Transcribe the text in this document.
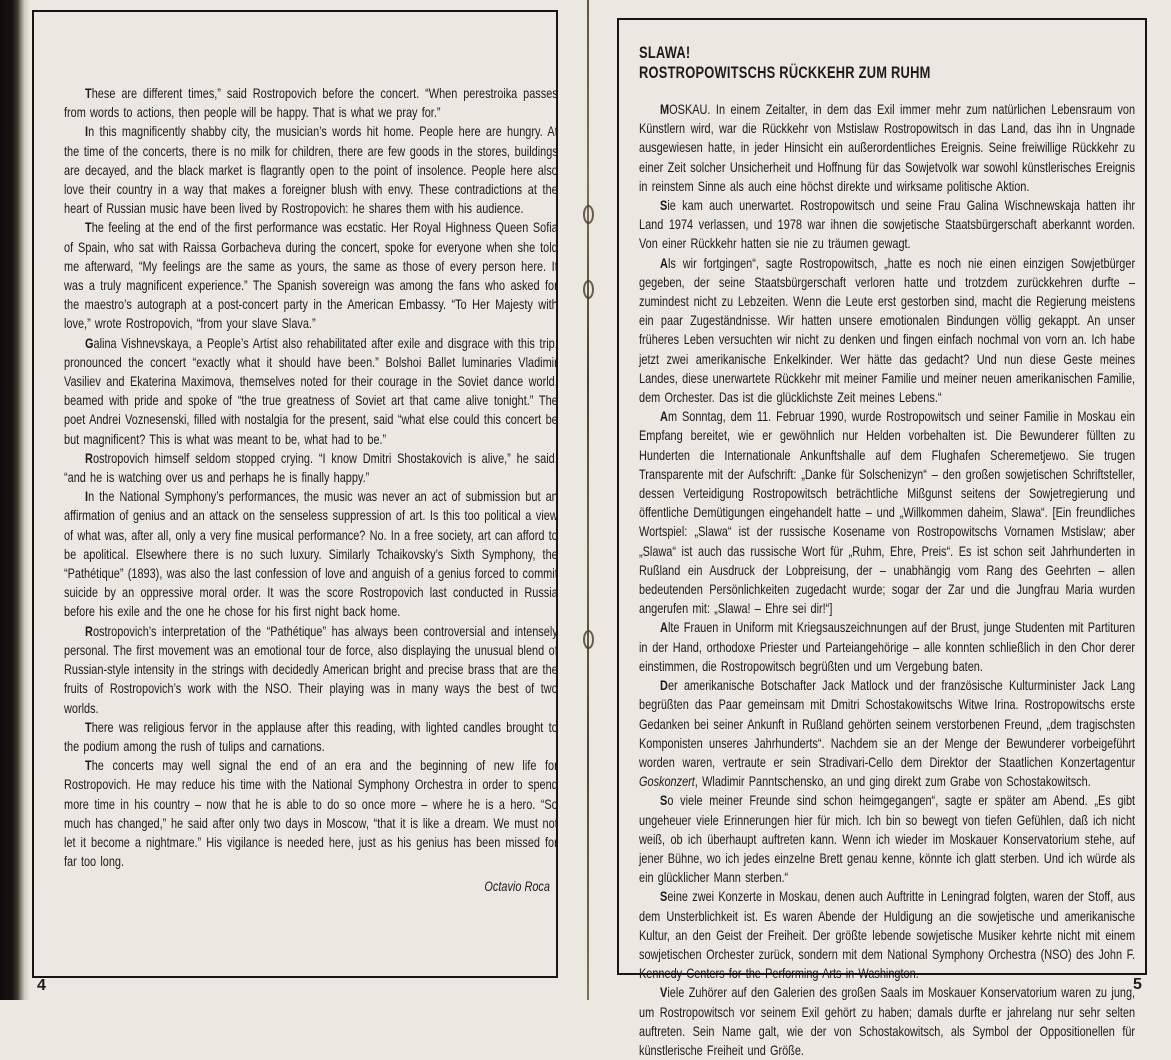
These are different times,” said Rostropovich before the concert. “When perestroika passes from words to actions, then people will be happy. That is what we pray for.”

In this magnificently shabby city, the musician’s words hit home. People here are hungry. At the time of the concerts, there is no milk for children, there are few goods in the stores, buildings are decayed, and the black market is flagrantly open to the point of insolence. People here also love their country in a way that makes a foreigner blush with envy. These contradictions at the heart of Russian music have been lived by Rostropovich: he shares them with his audience.

The feeling at the end of the first performance was ecstatic. Her Royal Highness Queen Sofia of Spain, who sat with Raissa Gorbacheva during the concert, spoke for everyone when she told me afterward, “My feelings are the same as yours, the same as those of every person here. It was a truly magnificent experience.” The Spanish sovereign was among the fans who asked for the maestro’s autograph at a post-concert party in the American Embassy. “To Her Majesty with love,” wrote Rostropovich, “from your slave Slava.”

Galina Vishnevskaya, a People’s Artist also rehabilitated after exile and disgrace with this trip, pronounced the concert “exactly what it should have been.” Bolshoi Ballet luminaries Vladimir Vasiliev and Ekaterina Maximova, themselves noted for their courage in the Soviet dance world, beamed with pride and spoke of “the true greatness of Soviet art that came alive tonight.” The poet Andrei Voznesenski, filled with nostalgia for the present, said “what else could this concert be but magnificent? This is what was meant to be, what had to be.”

Rostropovich himself seldom stopped crying. “I know Dmitri Shostakovich is alive,” he said, “and he is watching over us and perhaps he is finally happy.”

In the National Symphony’s performances, the music was never an act of submission but an affirmation of genius and an attack on the senseless suppression of art. Is this too political a view of what was, after all, only a very fine musical performance? No. In a free society, art can afford to be apolitical. Elsewhere there is no such luxury. Similarly Tchaikovsky’s Sixth Symphony, the “Pathétique” (1893), was also the last confession of love and anguish of a genius forced to commit suicide by an oppressive moral order. It was the score Rostropovich last conducted in Russia before his exile and the one he chose for his first night back home.

Rostropovich’s interpretation of the “Pathétique” has always been controversial and intensely personal. The first movement was an emotional tour de force, also displaying the unusual blend of Russian-style intensity in the strings with decidedly American bright and precise brass that are the fruits of Rostropovich’s work with the NSO. Their playing was in many ways the best of two worlds.

There was religious fervor in the applause after this reading, with lighted candles brought to the podium among the rush of tulips and carnations.

The concerts may well signal the end of an era and the beginning of new life for Rostropovich. He may reduce his time with the National Symphony Orchestra in order to spend more time in his country – now that he is able to do so once more – where he is a hero. “So much has changed,” he said after only two days in Moscow, “that it is like a dream. We must not let it become a nightmare.” His vigilance is needed here, just as his genius has been missed for far too long.

Octavio Roca
4
SLAWA!
ROSTROPOWITSCHS RÜCKKEHR ZUM RUHM

MOSKAU. In einem Zeitalter, in dem das Exil immer mehr zum natürlichen Lebensraum von Künstlern wird, war die Rückkehr von Mstislaw Rostropowitsch in das Land, das ihn in Ungnade ausgewiesen hatte, in jeder Hinsicht ein außerordentliches Ereignis. Seine freiwillige Rückkehr zu einer Zeit solcher Unsicherheit und Hoffnung für das Sowjetvolk war sowohl künstlerisches Ereignis in reinstem Sinne als auch eine höchst direkte und wirksame politische Aktion.

Sie kam auch unerwartet. Rostropowitsch und seine Frau Galina Wischnewskaja hatten ihr Land 1974 verlassen, und 1978 war ihnen die sowjetische Staatsbürgerschaft aberkannt worden. Von einer Rückkehr hatten sie nie zu träumen gewagt.

Als wir fortgingen“, sagte Rostropowitsch, „hatte es noch nie einen einzigen Sowjetbürger gegeben, der seine Staatsbürgerschaft verloren hatte und trotzdem zurückkehren durfte – zumindest nicht zu Lebzeiten. Wenn die Leute erst gestorben sind, macht die Regierung meistens ein paar Zugeständnisse. Wir hatten unsere emotionalen Bindungen völlig gekappt. An unser früheres Leben versuchten wir nicht zu denken und fingen einfach nochmal von vorn an. Ich habe jetzt zwei amerikanische Enkelkinder. Wer hätte das gedacht? Und nun diese Geste meines Landes, diese unerwartete Rückkehr mit meiner Familie und meiner neuen amerikanischen Familie, dem Orchester. Das ist die glücklichste Zeit meines Lebens.“

Am Sonntag, dem 11. Februar 1990, wurde Rostropowitsch und seiner Familie in Moskau ein Empfang bereitet, wie er gewöhnlich nur Helden vorbehalten ist. Die Bewunderer füllten zu Hunderten die Internationale Ankunftshalle auf dem Flughafen Scheremetjewo. Sie trugen Transparente mit der Aufschrift: „Danke für Solschenizyn“ – den großen sowjetischen Schriftsteller, dessen Verteidigung Rostropowitsch beträchtliche Mißgunst seitens der Sowjetregierung und öffentliche Demütigungen eingehandelt hatte – und „Willkommen daheim, Slawa“. [Ein freundliches Wortspiel: „Slawa“ ist der russische Kosename von Rostropowitschs Vornamen Mstislaw; aber „Slawa“ ist auch das russische Wort für „Ruhm, Ehre, Preis“. Es ist schon seit Jahrhunderten in Rußland ein Ausdruck der Lobpreisung, der – unabhängig vom Rang des Geehrten – allen bedeutenden Persönlichkeiten zugedacht wurde; sogar der Zar und die Jungfrau Maria wurden angerufen mit: „Slawa! – Ehre sei dir!“]

Alte Frauen in Uniform mit Kriegsauszeichnungen auf der Brust, junge Studenten mit Partituren in der Hand, orthodoxe Priester und Parteiangehörige – alle konnten schließlich in den Chor derer einstimmen, die Rostropowitsch begrüßten und um Vergebung baten.

Der amerikanische Botschafter Jack Matlock und der französische Kulturminister Jack Lang begrüßten das Paar gemeinsam mit Dmitri Schostakowitschs Witwe Irina. Rostropowitschs erste Gedanken bei seiner Ankunft in Rußland gehörten seinem verstorbenen Freund, „dem tragischsten Komponisten unseres Jahrhunderts“. Nachdem sie an der Menge der Bewunderer vorbeigeführt worden waren, vertraute er sein Stradivari-Cello dem Direktor der Staatlichen Konzertagentur Goskonzert, Wladimir Panntschensko, an und ging direkt zum Grabe von Schostakowitsch.

So viele meiner Freunde sind schon heimgegangen“, sagte er später am Abend. „Es gibt ungeheuer viele Erinnerungen hier für mich. Ich bin so bewegt von tiefen Gefühlen, daß ich nicht weiß, ob ich überhaupt auftreten kann. Wenn ich wieder im Moskauer Konservatorium stehe, auf jener Bühne, wo ich jedes einzelne Brett genau kenne, könnte ich glatt sterben. Und ich würde als ein glücklicher Mann sterben.“

Seine zwei Konzerte in Moskau, denen auch Auftritte in Leningrad folgten, waren der Stoff, aus dem Unsterblichkeit ist. Es waren Abende der Huldigung an die sowjetische und amerikanische Kultur, an den Geist der Freiheit. Der größte lebende sowjetische Musiker kehrte nicht mit einem sowjetischen Orchester zurück, sondern mit dem National Symphony Orchestra (NSO) des John F. Kennedy Centers for the Performing Arts in Washington.

Viele Zuhörer auf den Galerien des großen Saals im Moskauer Konservatorium waren zu jung, um Rostropowitsch vor seinem Exil gehört zu haben; damals durfte er jahrelang nur sehr selten auftreten. Sein Name galt, wie der von Schostakowitsch, als Symbol der Oppositionellen für künstlerische Freiheit und Größe.

5
